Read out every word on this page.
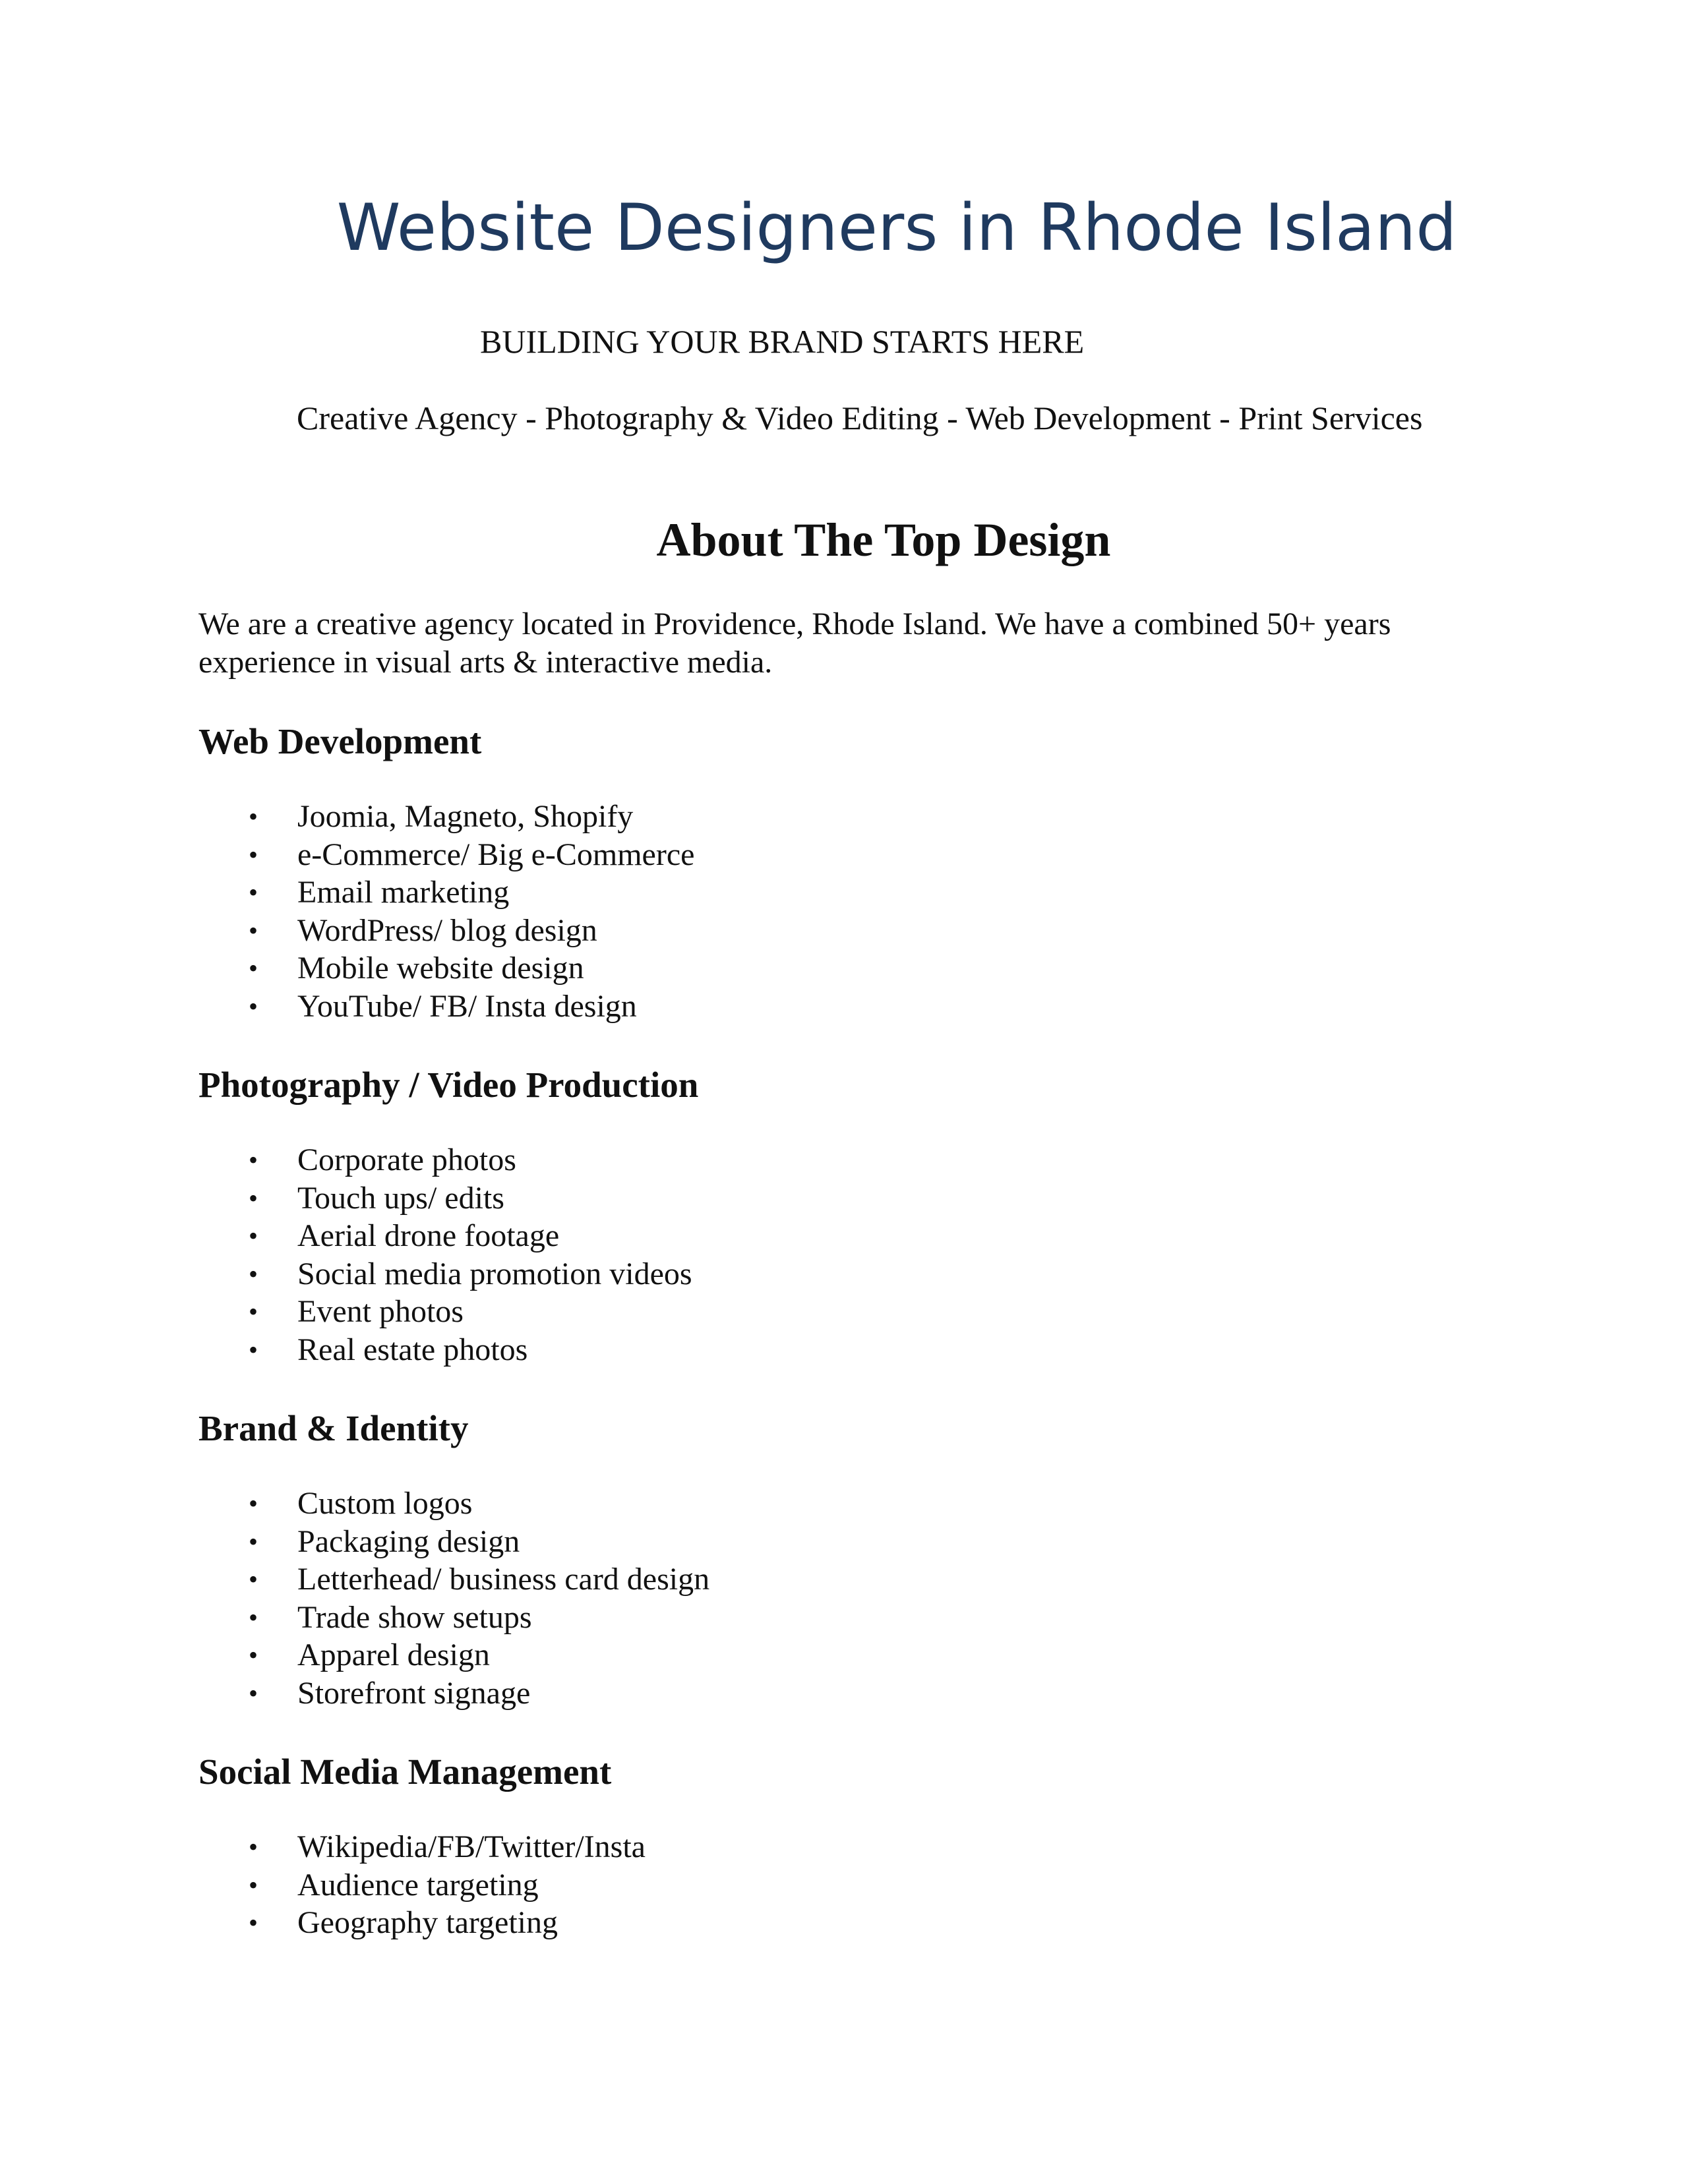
Website Designers in Rhode Island
BUILDING YOUR BRAND STARTS HERE
Creative Agency - Photography & Video Editing - Web Development - Print Services
About The Top Design
We are a creative agency located in Providence, Rhode Island. We have a combined 50+ years experience in visual arts & interactive media.
Web Development
• Joomia, Magneto, Shopify
• e-Commerce/ Big e-Commerce
• Email marketing
• WordPress/ blog design
• Mobile website design
• YouTube/ FB/ Insta design
Photography / Video Production
• Corporate photos
• Touch ups/ edits
• Aerial drone footage
• Social media promotion videos
• Event photos
• Real estate photos
Brand & Identity
• Custom logos
• Packaging design
• Letterhead/ business card design
• Trade show setups
• Apparel design
• Storefront signage
Social Media Management
• Wikipedia/FB/Twitter/Insta
• Audience targeting
• Geography targeting
